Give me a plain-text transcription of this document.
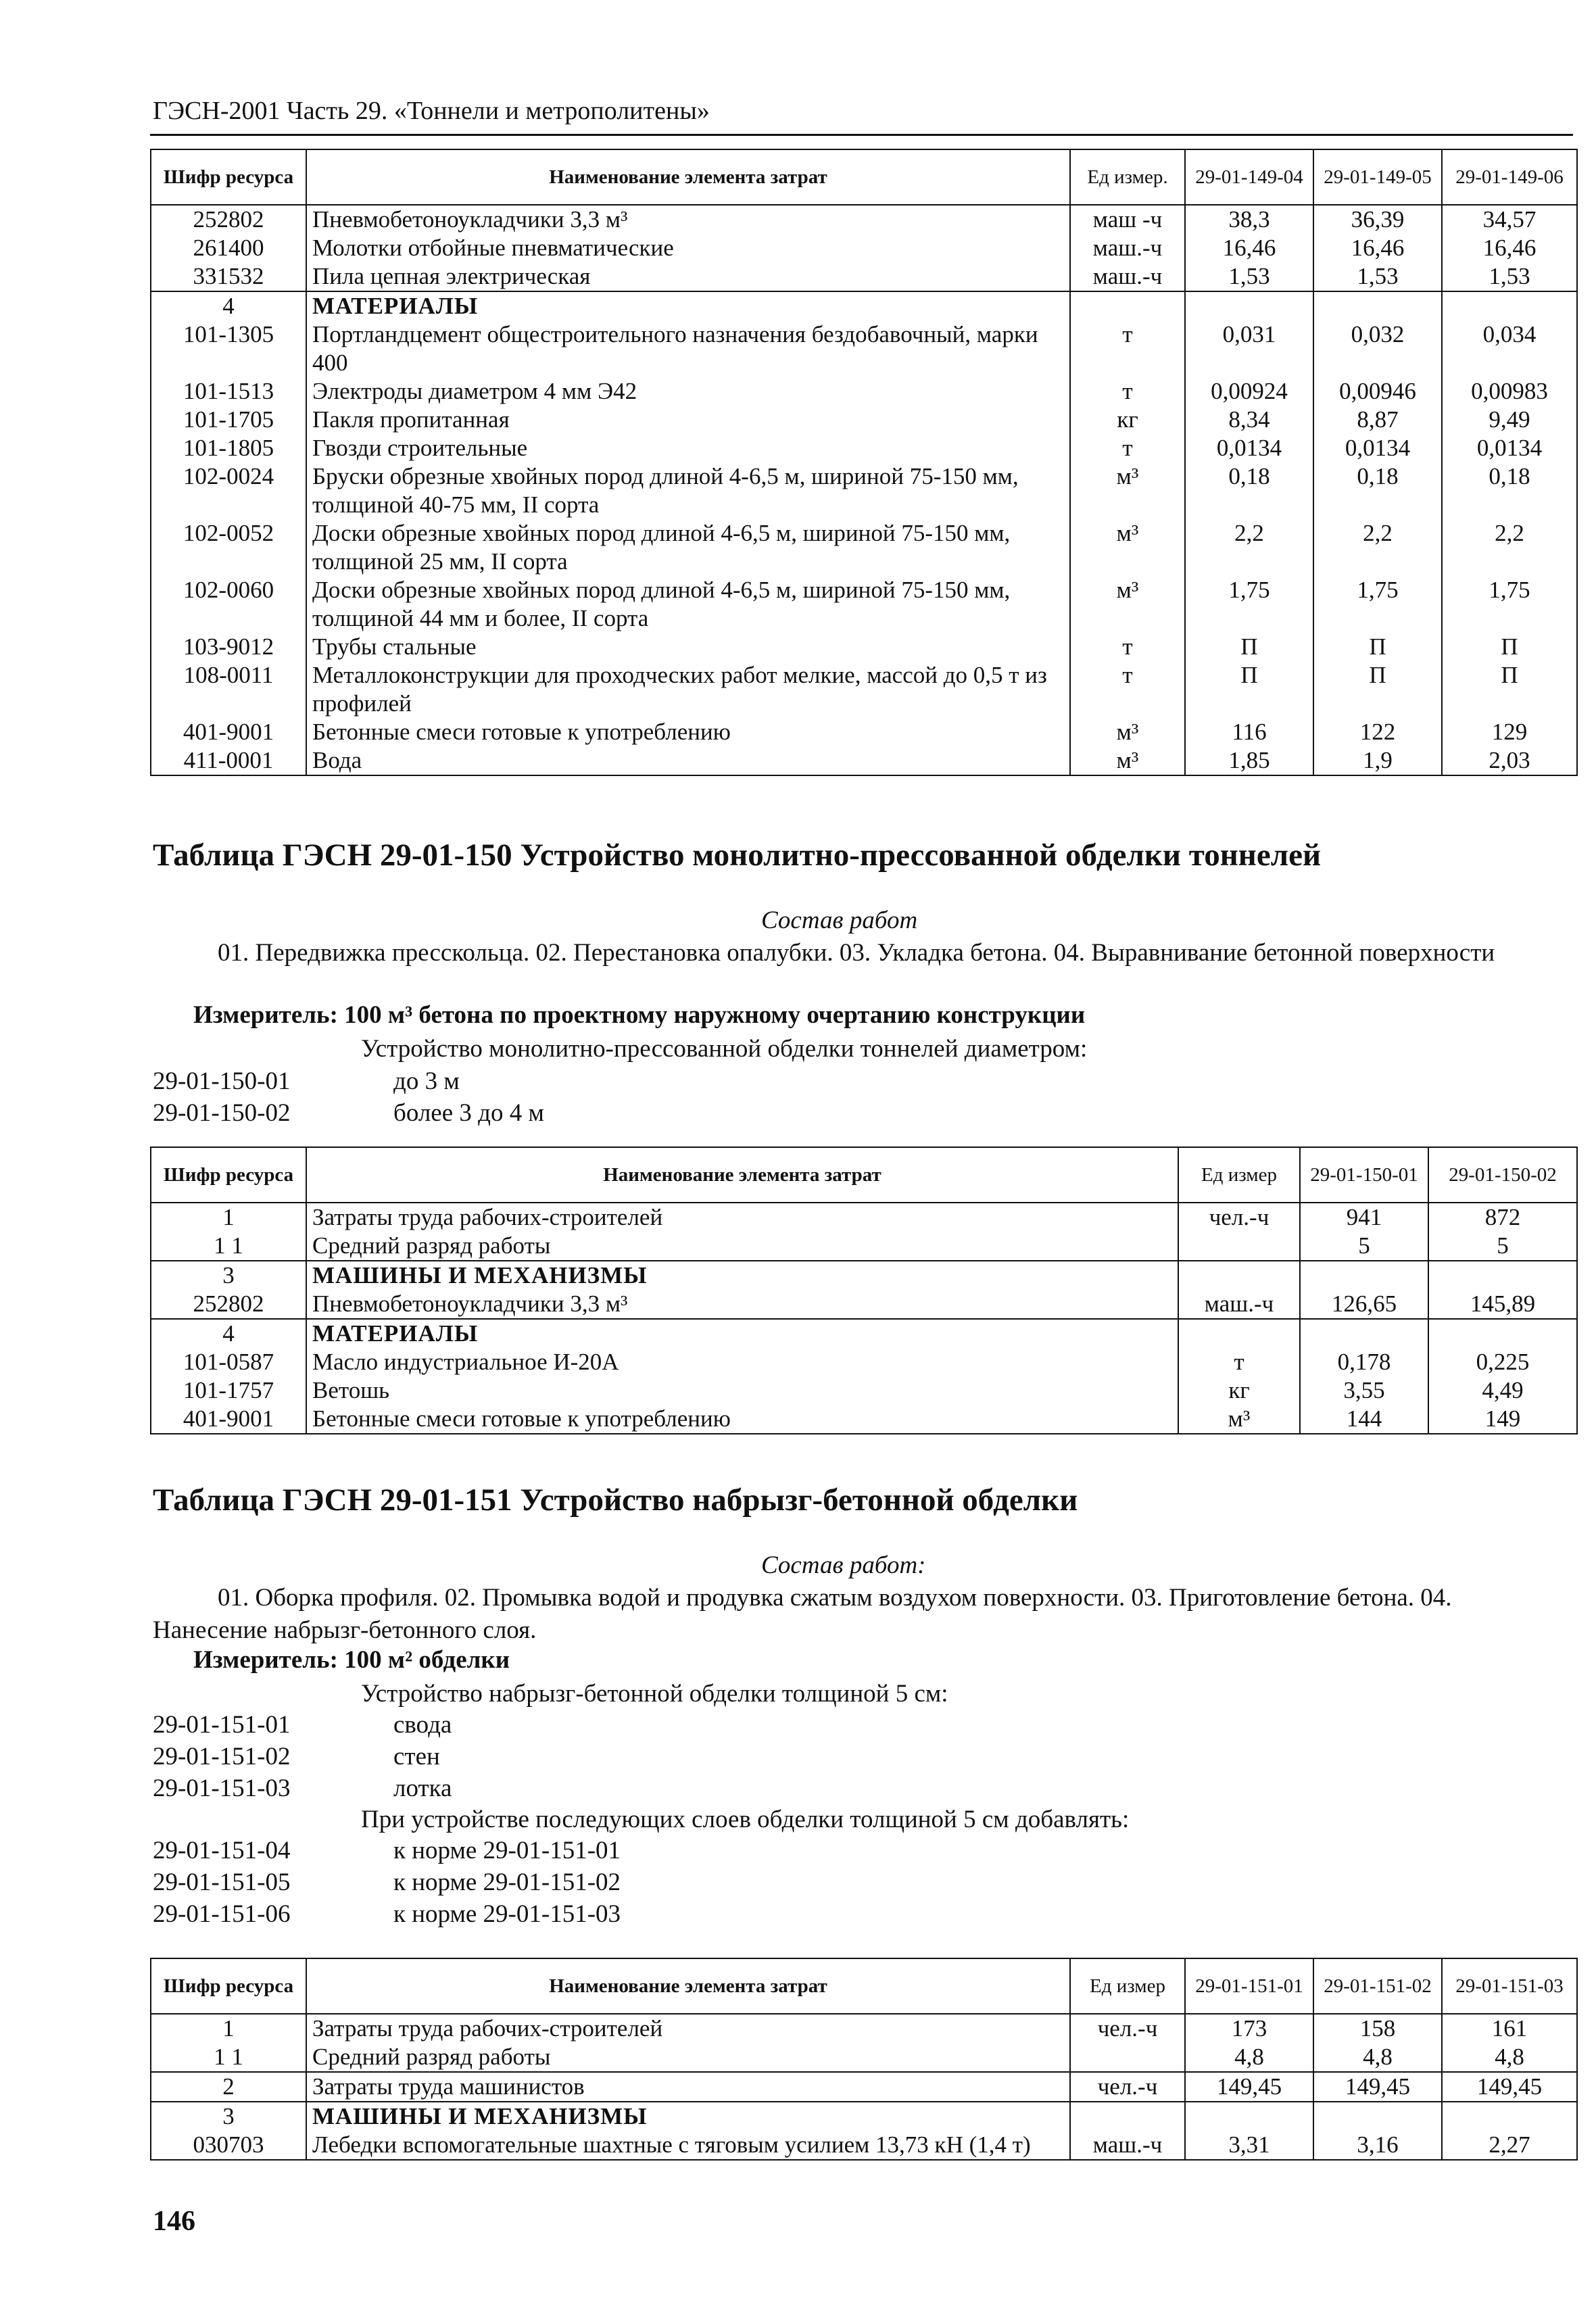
ГЭСН-2001 Часть 29. «Тоннели и метрополитены»
Шифр ресурса	Наименование элемента затрат	Ед измер.	29-01-149-04	29-01-149-05	29-01-149-06
252802	Пневмобетоноукладчики 3,3 м³	маш -ч	38,3	36,39	34,57
261400	Молотки отбойные пневматические	маш.-ч	16,46	16,46	16,46
331532	Пила цепная электрическая	маш.-ч	1,53	1,53	1,53
4	МАТЕРИАЛЫ				
101-1305	Портландцемент общестроительного назначения бездобавочный, марки 400	т	0,031	0,032	0,034
101-1513	Электроды диаметром 4 мм Э42	т	0,00924	0,00946	0,00983
101-1705	Пакля пропитанная	кг	8,34	8,87	9,49
101-1805	Гвозди строительные	т	0,0134	0,0134	0,0134
102-0024	Бруски обрезные хвойных пород длиной 4-6,5 м, шириной 75-150 мм, толщиной 40-75 мм, II сорта	м³	0,18	0,18	0,18
102-0052	Доски обрезные хвойных пород длиной 4-6,5 м, шириной 75-150 мм, толщиной 25 мм, II сорта	м³	2,2	2,2	2,2
102-0060	Доски обрезные хвойных пород длиной 4-6,5 м, шириной 75-150 мм, толщиной 44 мм и более, II сорта	м³	1,75	1,75	1,75
103-9012	Трубы стальные	т	П	П	П
108-0011	Металлоконструкции для проходческих работ мелкие, массой до 0,5 т из профилей	т	П	П	П
401-9001	Бетонные смеси готовые к употреблению	м³	116	122	129
411-0001	Вода	м³	1,85	1,9	2,03
Таблица ГЭСН 29-01-150 Устройство монолитно-прессованной обделки тоннелей
Состав работ
01. Передвижка пресскольца. 02. Перестановка опалубки. 03. Укладка бетона. 04. Выравнивание бетонной поверхности
Измеритель: 100 м³ бетона по проектному наружному очертанию конструкции
Устройство монолитно-прессованной обделки тоннелей диаметром:
29-01-150-01	до 3 м
29-01-150-02	более 3 до 4 м
Шифр ресурса	Наименование элемента затрат	Ед измер	29-01-150-01	29-01-150-02
1	Затраты труда рабочих-строителей	чел.-ч	941	872
1 1	Средний разряд работы		5	5
3	МАШИНЫ И МЕХАНИЗМЫ			
252802	Пневмобетоноукладчики 3,3 м³	маш.-ч	126,65	145,89
4	МАТЕРИАЛЫ			
101-0587	Масло индустриальное И-20А	т	0,178	0,225
101-1757	Ветошь	кг	3,55	4,49
401-9001	Бетонные смеси готовые к употреблению	м³	144	149
Таблица ГЭСН 29-01-151 Устройство набрызг-бетонной обделки
Состав работ:
01. Оборка профиля. 02. Промывка водой и продувка сжатым воздухом поверхности. 03. Приготовление бетона. 04. Нанесение набрызг-бетонного слоя.
Измеритель: 100 м² обделки
Устройство набрызг-бетонной обделки толщиной 5 см:
29-01-151-01	свода
29-01-151-02	стен
29-01-151-03	лотка
При устройстве последующих слоев обделки толщиной 5 см добавлять:
29-01-151-04	к норме 29-01-151-01
29-01-151-05	к норме 29-01-151-02
29-01-151-06	к норме 29-01-151-03
Шифр ресурса	Наименование элемента затрат	Ед измер	29-01-151-01	29-01-151-02	29-01-151-03
1	Затраты труда рабочих-строителей	чел.-ч	173	158	161
1 1	Средний разряд работы		4,8	4,8	4,8
2	Затраты труда машинистов	чел.-ч	149,45	149,45	149,45
3	МАШИНЫ И МЕХАНИЗМЫ				
030703	Лебедки вспомогательные шахтные с тяговым усилием 13,73 кН (1,4 т)	маш.-ч	3,31	3,16	2,27
146
